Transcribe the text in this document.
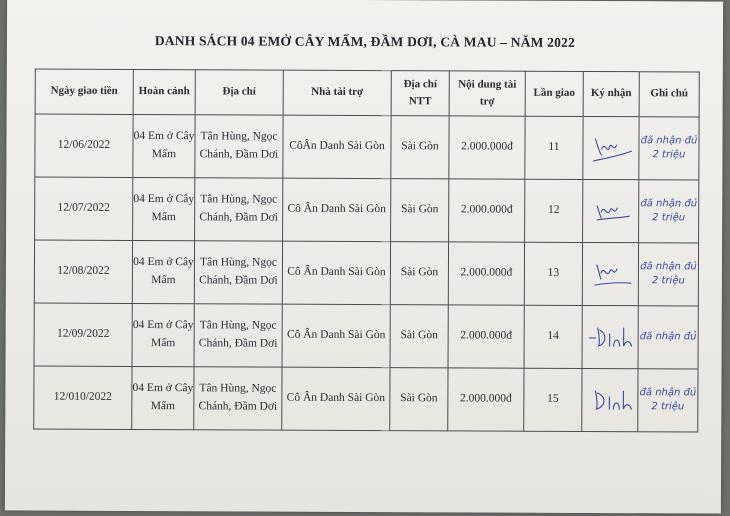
DANH SÁCH 04 EMỞ CÂY MẤM, ĐẦM DƠI, CÀ MAU – NĂM 2022
Ngày giao tiền	Hoàn cảnh	Địa chỉ	Nhà tài trợ	Địa chỉ NTT	Nội dung tài trợ	Lần giao	Ký nhận	Ghi chú
12/06/2022	04 Em ở Cây Mấm	Tân Hùng, Ngọc Chánh, Đầm Dơi	CôÂn Danh Sài Gòn	Sài Gòn	2.000.000đ	11		đã nhận đủ 2 triệu
12/07/2022	04 Em ở Cây Mấm	Tân Hùng, Ngọc Chánh, Đầm Dơi	Cô Ân Danh Sài Gòn	Sài Gòn	2.000.000đ	12		đã nhận đủ 2 triệu
12/08/2022	04 Em ở Cây Mấm	Tân Hùng, Ngọc Chánh, Đầm Dơi	Cô Ân Danh Sài Gòn	Sài Gòn	2.000.000đ	13		đã nhận đủ 2 triệu
12/09/2022	04 Em ở Cây Mấm	Tân Hùng, Ngọc Chánh, Đầm Dơi	Cô Ân Danh Sài Gòn	Sài Gòn	2.000.000đ	14		đã nhận đủ
12/010/2022	04 Em ở Cây Mấm	Tân Hùng, Ngọc Chánh, Đầm Dơi	Cô Ân Danh Sài Gòn	Sài Gòn	2.000.000đ	15		đã nhận đủ 2 triệu
